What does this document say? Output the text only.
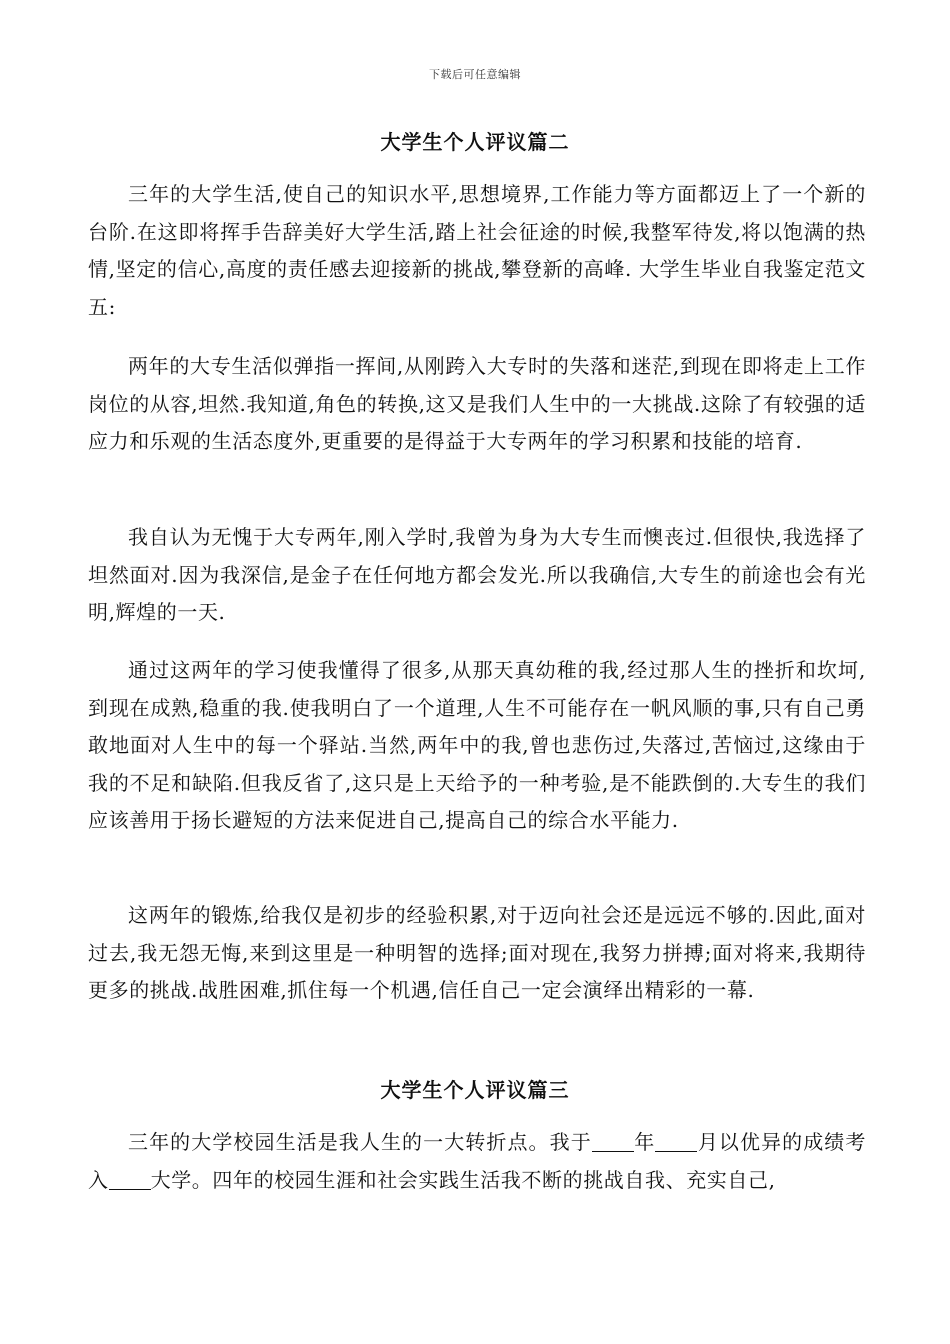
下载后可任意编辑
大学生个人评议篇二

三年的大学生活,使自己的知识水平,思想境界,工作能力等方面都迈上了一个新的台阶.在这即将挥手告辞美好大学生活,踏上社会征途的时候,我整军待发,将以饱满的热情,坚定的信心,高度的责任感去迎接新的挑战,攀登新的高峰. 大学生毕业自我鉴定范文五:

两年的大专生活似弹指一挥间,从刚跨入大专时的失落和迷茫,到现在即将走上工作岗位的从容,坦然.我知道,角色的转换,这又是我们人生中的一大挑战.这除了有较强的适应力和乐观的生活态度外,更重要的是得益于大专两年的学习积累和技能的培育.

我自认为无愧于大专两年,刚入学时,我曾为身为大专生而懊丧过.但很快,我选择了坦然面对.因为我深信,是金子在任何地方都会发光.所以我确信,大专生的前途也会有光明,辉煌的一天.

通过这两年的学习使我懂得了很多,从那天真幼稚的我,经过那人生的挫折和坎坷,到现在成熟,稳重的我.使我明白了一个道理,人生不可能存在一帆风顺的事,只有自己勇敢地面对人生中的每一个驿站.当然,两年中的我,曾也悲伤过,失落过,苦恼过,这缘由于我的不足和缺陷.但我反省了,这只是上天给予的一种考验,是不能跌倒的.大专生的我们应该善用于扬长避短的方法来促进自己,提高自己的综合水平能力.

这两年的锻炼,给我仅是初步的经验积累,对于迈向社会还是远远不够的.因此,面对过去,我无怨无悔,来到这里是一种明智的选择;面对现在,我努力拼搏;面对将来,我期待更多的挑战.战胜困难,抓住每一个机遇,信任自己一定会演绎出精彩的一幕.

大学生个人评议篇三

三年的大学校园生活是我人生的一大转折点。我于 年 月以优异的成绩考入 大学。四年的校园生涯和社会实践生活我不断的挑战自我、充实自己,
